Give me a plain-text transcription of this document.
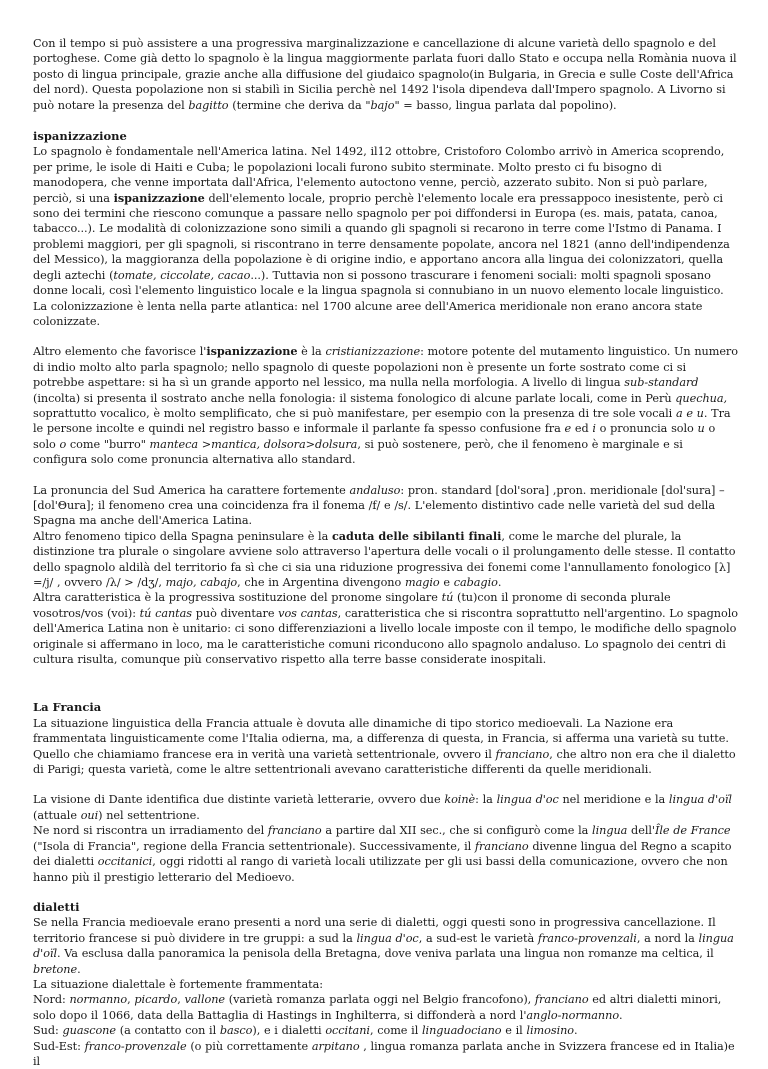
Con il tempo si può assistere a una progressiva marginalizzazione e cancellazione di alcune varietà dello spagnolo e del portoghese. Come già detto lo spagnolo è la lingua maggiormente parlata fuori dallo Stato e occupa nella Romània nuova il posto di lingua principale, grazie anche alla diffusione del giudaico spagnolo(in Bulgaria, in Grecia e sulle Coste dell'Africa del nord). Questa popolazione non si stabilì in Sicilia perchè nel 1492 l'isola dipendeva dall'Impero spagnolo. A Livorno si può notare la presenza del bagitto (termine che deriva da "bajo" = basso, lingua parlata dal popolino).

ispanizzazione

Lo spagnolo è fondamentale nell'America latina. Nel 1492, il12 ottobre, Cristoforo Colombo arrivò in America scoprendo, per prime, le isole di Haiti e Cuba; le popolazioni locali furono subito sterminate. Molto presto ci fu bisogno di manodopera, che venne importata dall'Africa, l'elemento autoctono venne, perciò, azzerato subito. Non si può parlare, perciò, si una ispanizzazione dell'elemento locale, proprio perchè l'elemento locale era pressappoco inesistente, però ci sono dei termini che riescono comunque a passare nello spagnolo per poi diffondersi in Europa (es. mais, patata, canoa, tabacco...). Le modalità di colonizzazione sono simili a quando gli spagnoli si recarono in terre come l'Istmo di Panama. I problemi maggiori, per gli spagnoli, si riscontrano in terre densamente popolate, ancora nel 1821 (anno dell'indipendenza del Messico), la maggioranza della popolazione è di origine indio, e apportano ancora alla lingua dei colonizzatori, quella degli aztechi (tomate, ciccolate, cacao...). Tuttavia non si possono trascurare i fenomeni sociali: molti spagnoli sposano donne locali, così l'elemento linguistico locale e la lingua spagnola si connubiano in un nuovo elemento locale linguistico.

La colonizzazione è lenta nella parte atlantica: nel 1700 alcune aree dell'America meridionale non erano ancora state colonizzate.

Altro elemento che favorisce l'ispanizzazione è la cristianizzazione: motore potente del mutamento linguistico. Un numero di indio molto alto parla spagnolo; nello spagnolo di queste popolazioni non è presente un forte sostrato come ci si potrebbe aspettare: si ha sì un grande apporto nel lessico, ma nulla nella morfologia. A livello di lingua sub-standard (incolta) si presenta il sostrato anche nella fonologia: il sistema fonologico di alcune parlate locali, come in Perù quechua, soprattutto vocalico, è molto semplificato, che si può manifestare, per esempio con la presenza di tre sole vocali a e u. Tra le persone incolte e quindi nel registro basso e informale il parlante fa spesso confusione fra e ed i o pronuncia solo u o solo o come "burro" manteca >mantica, dolsora>dolsura, si può sostenere, però, che il fenomeno è marginale e si configura solo come pronuncia alternativa allo standard.

La pronuncia del Sud America ha carattere fortemente andaluso: pron. standard [dol'sora] ,pron. meridionale [dol'sura] – [dol'Θura]; il fenomeno crea una coincidenza fra il fonema /f/ e /s/. L'elemento distintivo cade nelle varietà del sud della Spagna ma anche dell'America Latina.

Altro fenomeno tipico della Spagna peninsulare è la caduta delle sibilanti finali, come le marche del plurale, la distinzione tra plurale o singolare avviene solo attraverso l'apertura delle vocali o il prolungamento delle stesse. Il contatto dello spagnolo aldilà del territorio fa sì che ci sia una riduzione progressiva dei fonemi come l'annullamento fonologico [λ] =/j/ , ovvero /λ/ > /dʒ/, majo, cabajo, che in Argentina divengono magio e cabagio.

Altra caratteristica è la progressiva sostituzione del pronome singolare tú (tu)con il pronome di seconda plurale vosotros/vos (voi): tú cantas può diventare vos cantas, caratteristica che si riscontra soprattutto nell'argentino. Lo spagnolo dell'America Latina non è unitario: ci sono differenziazioni a livello locale imposte con il tempo, le modifiche dello spagnolo originale si affermano in loco, ma le caratteristiche comuni riconducono allo spagnolo andaluso. Lo spagnolo dei centri di cultura risulta, comunque più conservativo rispetto alla terre basse considerate inospitali.

La Francia

La situazione linguistica della Francia attuale è dovuta alle dinamiche di tipo storico medioevali. La Nazione era frammentata linguisticamente come l'Italia odierna, ma, a differenza di questa, in Francia, si afferma una varietà su tutte.

Quello che chiamiamo francese era in verità una varietà settentrionale, ovvero il franciano, che altro non era che il dialetto di Parigi; questa varietà, come le altre settentrionali avevano caratteristiche differenti da quelle meridionali.

La visione di Dante identifica due distinte varietà letterarie, ovvero due koinè: la lingua d'oc nel meridione e la lingua d'oïl (attuale oui) nel settentrione.

Ne nord si riscontra un irradiamento del franciano a partire dal XII sec., che si configurò come la lingua dell'Île de France ("Isola di Francia", regione della Francia settentrionale). Successivamente, il franciano divenne lingua del Regno a scapito dei dialetti occitanici, oggi ridotti al rango di varietà locali utilizzate per gli usi bassi della comunicazione, ovvero che non hanno più il prestigio letterario del Medioevo.

dialetti

Se nella Francia medioevale erano presenti a nord una serie di dialetti, oggi questi sono in progressiva cancellazione. Il territorio francese si può dividere in tre gruppi: a sud la lingua d'oc, a sud-est le varietà franco-provenzali, a nord la lingua d'oïl. Va esclusa dalla panoramica la penisola della Bretagna, dove veniva parlata una lingua non romanze ma celtica, il bretone.

La situazione dialettale è fortemente frammentata:

Nord: normanno, picardo, vallone (varietà romanza parlata oggi nel Belgio francofono), franciano ed altri dialetti minori, solo dopo il 1066, data della Battaglia di Hastings in Inghilterra, si diffonderà a nord l'anglo-normanno.

Sud: guascone (a contatto con il basco), e i dialetti occitani, come il linguadociano e il limosino.

Sud-Est: franco-provenzale (o più correttamente arpitano , lingua romanza parlata anche in Svizzera francese ed in Italia)e il
